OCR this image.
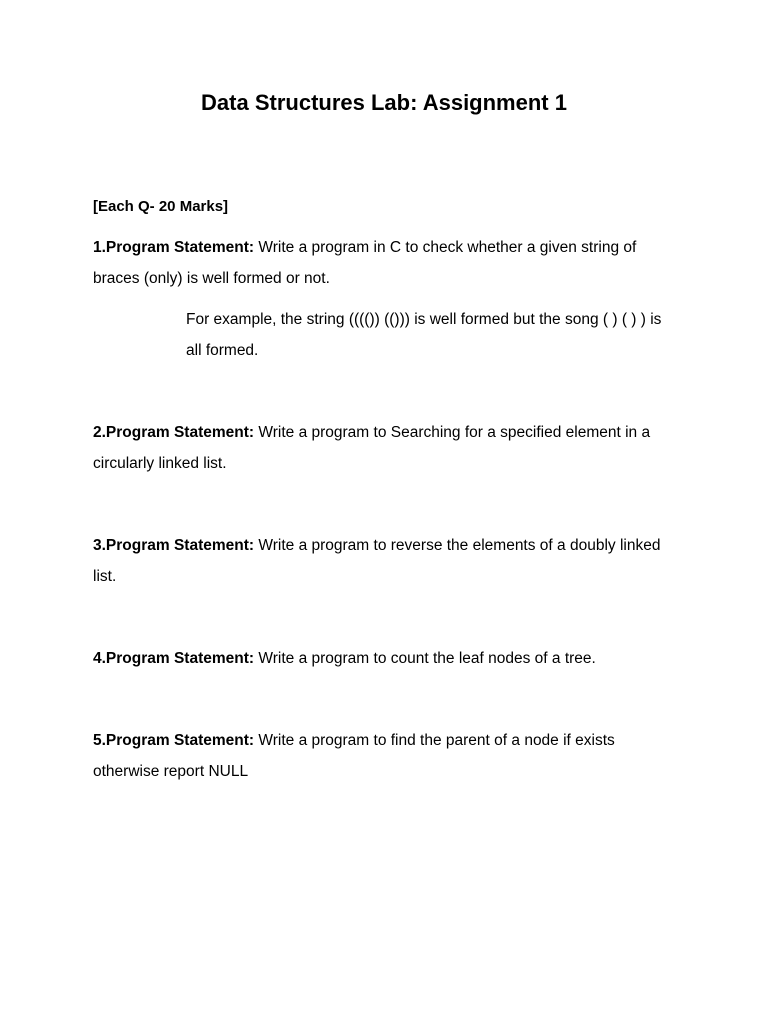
Data Structures Lab: Assignment 1
[Each Q- 20 Marks]
1.Program Statement: Write a program in C to check whether a given string of braces (only) is well formed or not.
For example, the string (((()) (())) is well formed but the song ( ) ( ) ) is all formed.
2.Program Statement: Write a program to Searching for a specified element in a circularly linked list.
3.Program Statement: Write a program to reverse the elements of a doubly linked list.
4.Program Statement: Write a program to count the leaf nodes of a tree.
5.Program Statement: Write a program to find the parent of a node if exists otherwise report NULL
